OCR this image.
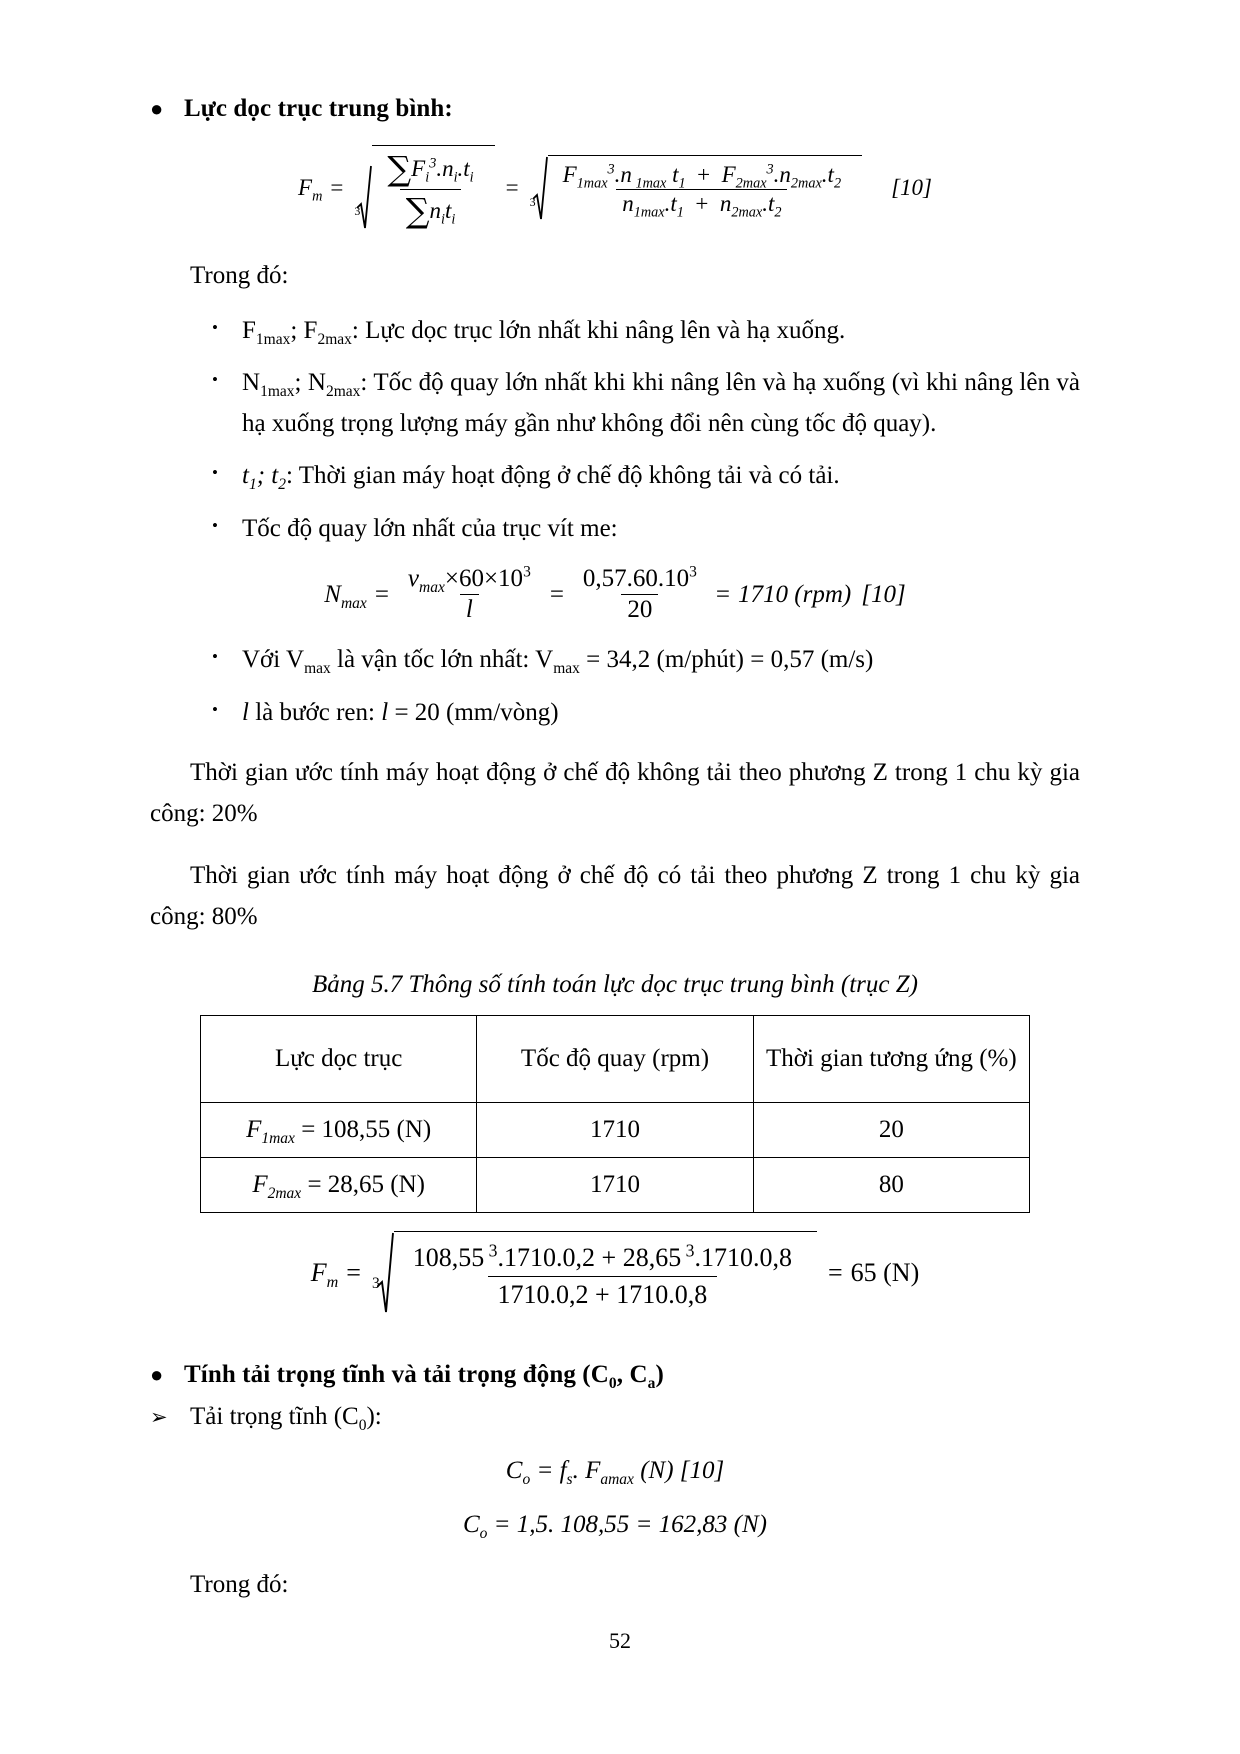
● Lực dọc trục trung bình:
$F_m$ =
$3 \frac{\sum F_i^3.n_i.t_i}{\sum n_it_i}$ =
3
$F_{1max}^3.n$ $_{1max}$ $t_1 + F_{2max}^3.n_{2max}.t_2$
$n_{1max}.t_1 + n_{2max}.t_2$
[10]

Trong đó:

• $F_{1max}$; $F_{2max}$: Lực dọc trục lớn nhất khi nâng lên và hạ xuống.
• $N_{1max}$; $N_{2max}$: Tốc độ quay lớn nhất khi khi nâng lên và hạ xuống (vì khi nâng lên và hạ xuống trọng lượng máy gần như không đổi nên cùng tốc độ quay).
• $t_1$; $t_2$: Thời gian máy hoạt động ở chế độ không tải và có tải.
• Tốc độ quay lớn nhất của trục vít me:
$N_{max} = \frac{v_{max}\times 60\times 10^3}{l} = \frac{0,57.60.10^3}{20} = 1710$ (rpm) [10]
• Với $V_{max}$ là vận tốc lớn nhất: $V_{max} = 34,2$ (m/phút) = 0,57 (m/s)
• l là bước ren: l = 20 (mm/vòng)

Thời gian ước tính máy hoạt động ở chế độ không tải theo phương Z trong 1 chu kỳ gia công: 20%

Thời gian ước tính máy hoạt động ở chế độ có tải theo phương Z trong 1 chu kỳ gia công: 80%

Bảng 5.7 Thông số tính toán lực dọc trục trung bình (trục Z)
Lực dọc trục	Tốc độ quay (rpm)	Thời gian tương ứng (%)
$F_{1max} = 108,55$ (N)	1710	20
$F_{2max} = 28,65$ (N)	1710	80
$F_m = 3 \frac{108,55 ^3.1710.0,2 + 28,65 ^3.1710.0,8}{1710.0,2 + 1710.0,8} = 65$ (N)
● Tính tải trọng tĩnh và tải trọng động ($C_0$, $C_a$)
➢ Tải trọng tĩnh $(C_0)$:
$C_o = f_s$. $F_{amax}$ (N) [10]
$C_o = 1,5$. 108,55 = 162,83 (N)

Trong đó:

52
